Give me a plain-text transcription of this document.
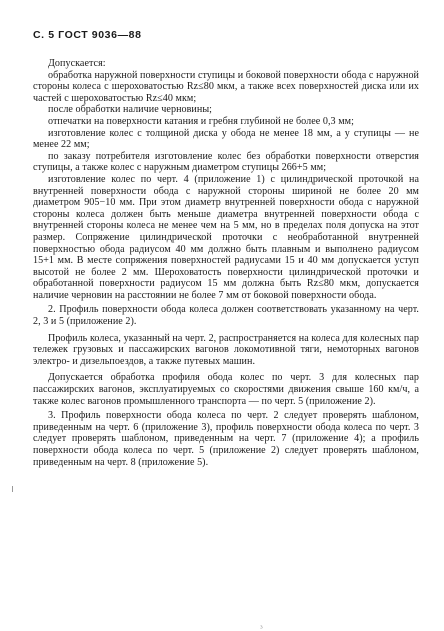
С. 5 ГОСТ 9036—88

Допускается:

обработка наружной поверхности ступицы и боковой поверхности обода с наружной стороны колеса с шероховатостью Rz≤80 мкм, а также всех поверхностей диска или их частей с шероховатостью Rz≤40 мкм;

после обработки наличие черновины;

отпечатки на поверхности катания и гребня глубиной не более 0,3 мм;

изготовление колес с толщиной диска у обода не менее 18 мм, а у ступицы — не менее 22 мм;

по заказу потребителя изготовление колес без обработки поверхности отверстия ступицы, а также колес с наружным диаметром ступицы 266+5 мм;

изготовление колес по черт. 4 (приложение 1) с цилиндрической проточкой на внутренней поверхности обода с наружной стороны шириной не более 20 мм диаметром 905−10 мм. При этом диаметр внутренней поверхности обода с наружной стороны колеса должен быть меньше диаметра внутренней поверхности обода с внутренней стороны колеса не менее чем на 5 мм, но в пределах поля допуска на этот размер. Сопряжение цилиндрической проточки с необработанной внутренней поверхностью обода радиусом 40 мм должно быть плавным и выполнено радиусом 15+1 мм. В месте сопряжения поверхностей радиусами 15 и 40 мм допускается уступ высотой не более 2 мм. Шероховатость поверхности цилиндрической проточки и обработанной поверхности радиусом 15 мм должна быть Rz≤80 мкм, допускается наличие черновин на расстоянии не более 7 мм от боковой поверхности обода.

2. Профиль поверхности обода колеса должен соответствовать указанному на черт. 2, 3 и 5 (приложение 2).

Профиль колеса, указанный на черт. 2, распространяется на колеса для колесных пар тележек грузовых и пассажирских вагонов локомотивной тяги, немоторных вагонов электро- и дизельпоездов, а также путевых машин.

Допускается обработка профиля обода колес по черт. 3 для колесных пар пассажирских вагонов, эксплуатируемых со скоростями движения свыше 160 км/ч, а также колес вагонов промышленного транспорта — по черт. 5 (приложение 2).

3. Профиль поверхности обода колеса по черт. 2 следует проверять шаблоном, приведенным на черт. 6 (приложение 3), профиль поверхности обода колеса по черт. 3 следует проверять шаблоном, приведенным на черт. 7 (приложение 4); а профиль поверхности обода колеса по черт. 5 (приложение 2) следует проверять шаблоном, приведенным на черт. 8 (приложение 5).

₃
